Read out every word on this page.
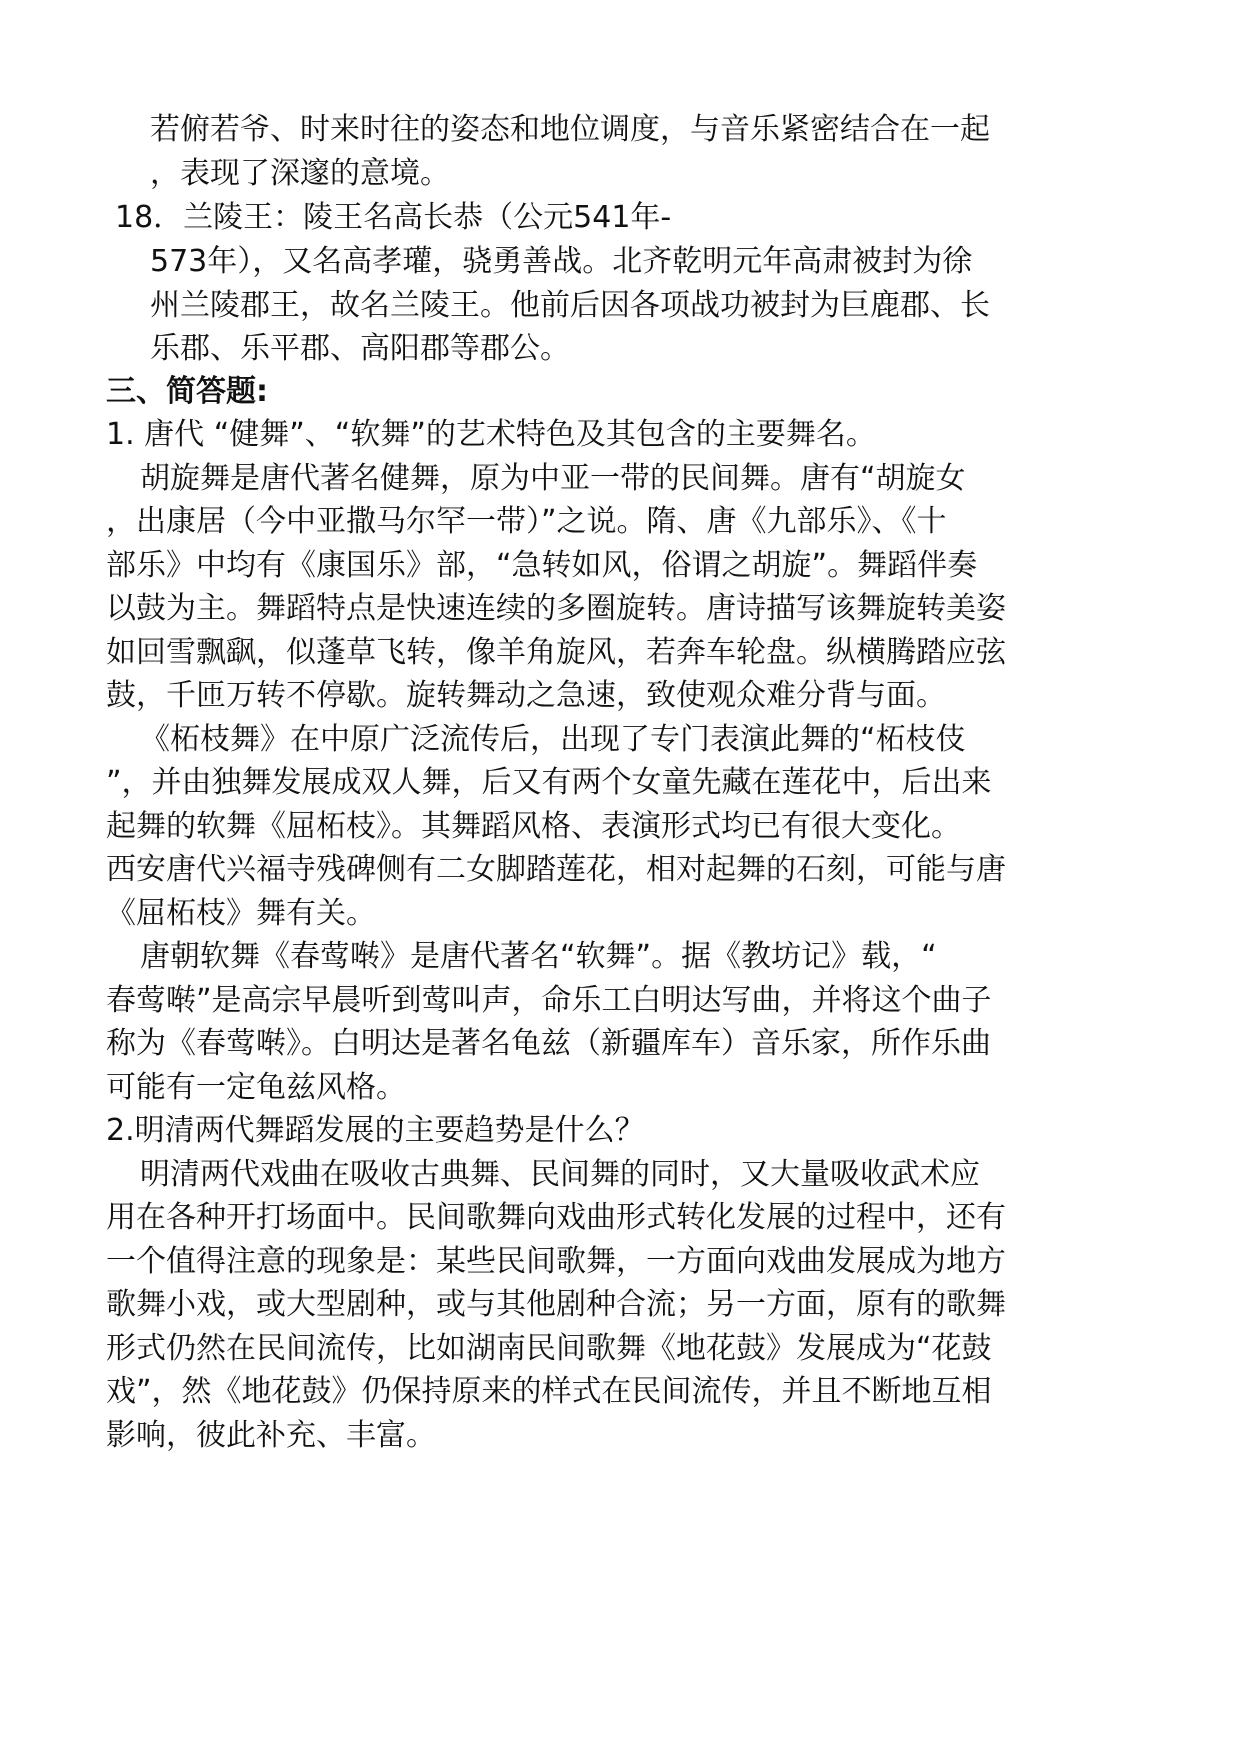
若俯若爷、时来时往的姿态和地位调度，与音乐紧密结合在一起
，表现了深邃的意境。
18．兰陵王：陵王名高长恭（公元541年-
573年），又名高孝瓘，骁勇善战。北齐乾明元年高肃被封为徐
州兰陵郡王，故名兰陵王。他前后因各项战功被封为巨鹿郡、长
乐郡、乐平郡、高阳郡等郡公。
三、简答题:
1. 唐代 “健舞”、“软舞”的艺术特色及其包含的主要舞名。
胡旋舞是唐代著名健舞，原为中亚一带的民间舞。唐有“胡旋女
，出康居（今中亚撒马尔罕一带）”之说。隋、唐《九部乐》、《十
部乐》中均有《康国乐》部，“急转如风，俗谓之胡旋”。舞蹈伴奏
以鼓为主。舞蹈特点是快速连续的多圈旋转。唐诗描写该舞旋转美姿
如回雪飘飖，似蓬草飞转，像羊角旋风，若奔车轮盘。纵横腾踏应弦
鼓，千匝万转不停歇。旋转舞动之急速，致使观众难分背与面。
《柘枝舞》在中原广泛流传后，出现了专门表演此舞的“柘枝伎
”，并由独舞发展成双人舞，后又有两个女童先藏在莲花中，后出来
起舞的软舞《屈柘枝》。其舞蹈风格、表演形式均已有很大变化。
西安唐代兴福寺残碑侧有二女脚踏莲花，相对起舞的石刻，可能与唐
《屈柘枝》舞有关。
唐朝软舞《春莺啭》是唐代著名“软舞”。据《教坊记》载，“
春莺啭”是高宗早晨听到莺叫声，命乐工白明达写曲，并将这个曲子
称为《春莺啭》。白明达是著名龟兹（新疆库车）音乐家，所作乐曲
可能有一定龟兹风格。
2.明清两代舞蹈发展的主要趋势是什么？
明清两代戏曲在吸收古典舞、民间舞的同时，又大量吸收武术应
用在各种开打场面中。民间歌舞向戏曲形式转化发展的过程中，还有
一个值得注意的现象是：某些民间歌舞，一方面向戏曲发展成为地方
歌舞小戏，或大型剧种，或与其他剧种合流；另一方面，原有的歌舞
形式仍然在民间流传，比如湖南民间歌舞《地花鼓》发展成为“花鼓
戏”，然《地花鼓》仍保持原来的样式在民间流传，并且不断地互相
影响，彼此补充、丰富。
